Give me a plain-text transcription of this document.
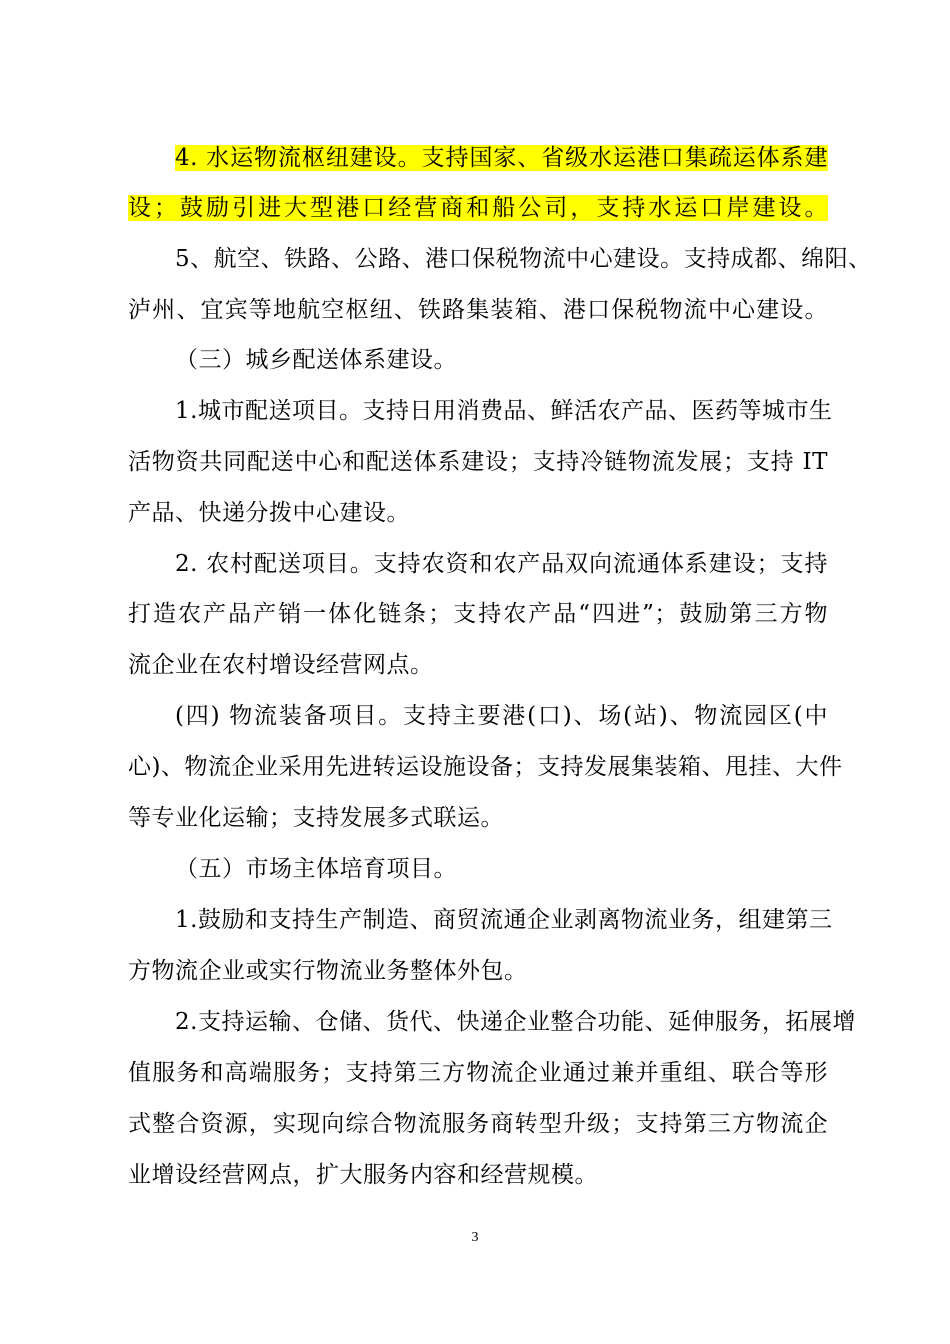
4. 水运物流枢纽建设。支持国家、省级水运港口集疏运体系建
设；鼓励引进大型港口经营商和船公司，支持水运口岸建设。
5、航空、铁路、公路、港口保税物流中心建设。支持成都、绵阳、
泸州、宜宾等地航空枢纽、铁路集装箱、港口保税物流中心建设。
（三）城乡配送体系建设。
1.城市配送项目。支持日用消费品、鲜活农产品、医药等城市生
活物资共同配送中心和配送体系建设；支持冷链物流发展；支持 IT
产品、快递分拨中心建设。
2. 农村配送项目。支持农资和农产品双向流通体系建设；支持
打造农产品产销一体化链条；支持农产品“四进”；鼓励第三方物
流企业在农村增设经营网点。
(四) 物流装备项目。支持主要港(口)、场(站)、物流园区(中
心)、物流企业采用先进转运设施设备；支持发展集装箱、甩挂、大件
等专业化运输；支持发展多式联运。
（五）市场主体培育项目。
1.鼓励和支持生产制造、商贸流通企业剥离物流业务，组建第三
方物流企业或实行物流业务整体外包。
2.支持运输、仓储、货代、快递企业整合功能、延伸服务，拓展增
值服务和高端服务；支持第三方物流企业通过兼并重组、联合等形
式整合资源，实现向综合物流服务商转型升级；支持第三方物流企
业增设经营网点，扩大服务内容和经营规模。
3
